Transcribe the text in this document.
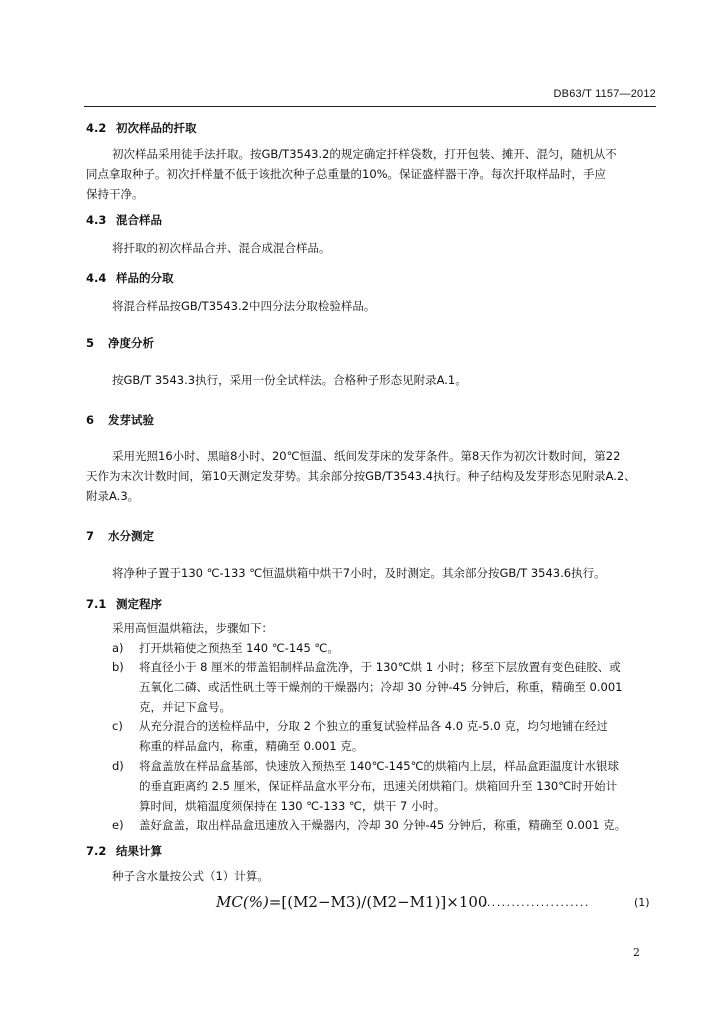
DB63/T 1157—2012
4.2 初次样品的扦取
初次样品采用徒手法扦取。按GB/T3543.2的规定确定扦样袋数，打开包装、摊开、混匀，随机从不
同点拿取种子。初次扦样量不低于该批次种子总重量的10%。保证盛样器干净。每次扦取样品时，手应
保持干净。
4.3 混合样品
将扦取的初次样品合并、混合成混合样品。
4.4 样品的分取
将混合样品按GB/T3543.2中四分法分取检验样品。
5 净度分析
按GB/T 3543.3执行，采用一份全试样法。合格种子形态见附录A.1。
6 发芽试验
采用光照16小时、黑暗8小时、20℃恒温、纸间发芽床的发芽条件。第8天作为初次计数时间，第22
天作为末次计数时间，第10天测定发芽势。其余部分按GB/T3543.4执行。种子结构及发芽形态见附录A.2、
附录A.3。
7 水分测定
将净种子置于130 ℃-133 ℃恒温烘箱中烘干7小时，及时测定。其余部分按GB/T 3543.6执行。
7.1 测定程序
采用高恒温烘箱法，步骤如下：
a) 打开烘箱使之预热至 140 ℃-145 ℃。
b) 将直径小于 8 厘米的带盖铝制样品盒洗净，于 130℃烘 1 小时；移至下层放置有变色硅胶、或
五氧化二磷、或活性矾土等干燥剂的干燥器内；冷却 30 分钟-45 分钟后，称重，精确至 0.001
克，并记下盒号。
c) 从充分混合的送检样品中，分取 2 个独立的重复试验样品各 4.0 克-5.0 克，均匀地铺在经过
称重的样品盒内，称重，精确至 0.001 克。
d) 将盒盖放在样品盒基部，快速放入预热至 140℃-145℃的烘箱内上层，样品盒距温度计水银球
的垂直距离约 2.5 厘米，保证样品盒水平分布，迅速关闭烘箱门。烘箱回升至 130℃时开始计
算时间，烘箱温度须保持在 130 ℃-133 ℃，烘干 7 小时。
e) 盖好盒盖，取出样品盒迅速放入干燥器内，冷却 30 分钟-45 分钟后，称重，精确至 0.001 克。
7.2 结果计算
种子含水量按公式（1）计算。
MC(%)=[(M2−M3)/(M2−M1)]×100
......................	(1)
2
